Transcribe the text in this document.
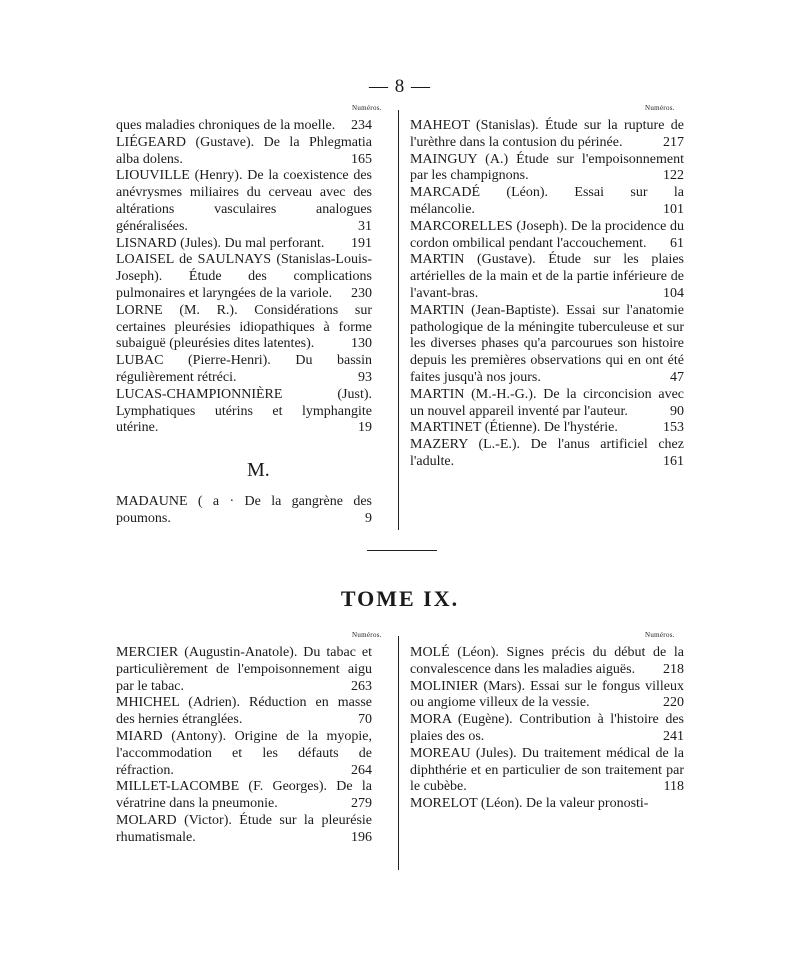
— 8 —
Numéros.	Numéros.
ques maladies chroniques de la moelle. 234
LIÉGEARD (Gustave). De la Phlegmatia alba dolens.	165
LIOUVILLE (Henry). De la coexistence des anévrysmes miliaires du cerveau avec des altérations vasculaires analogues généralisées.	31
LISNARD (Jules). Du mal perforant. 191
LOAISEL de SAULNAYS (Stanislas-Louis-Joseph). Étude des complications pulmonaires et laryngées de la variole. 230
LORNE (M. R.). Considérations sur certaines pleurésies idiopathiques à forme subaiguë (pleurésies dites latentes).	130
LUBAC (Pierre-Henri). Du bassin régulièrement rétréci.	93
LUCAS-CHAMPIONNIÈRE (Just). Lymphatiques utérins et lymphangite utérine.	19
M.
MADAUNE ( a · De la gangrène des poumons.	9
MAHEOT (Stanislas). Étude sur la rupture de l'urèthre dans la contusion du périnée.	217
MAINGUY (A.) Étude sur l'empoisonnement par les champignons.	122
MARCADÉ (Léon). Essai sur la mélancolie.	101
MARCORELLES (Joseph). De la procidence du cordon ombilical pendant l'accouchement. 61
MARTIN (Gustave). Étude sur les plaies artérielles de la main et de la partie inférieure de l'avant-bras.	104
MARTIN (Jean-Baptiste). Essai sur l'anatomie pathologique de la méningite tuberculeuse et sur les diverses phases qu'a parcourues son histoire depuis les premières observations qui en ont été faites jusqu'à nos jours.	47
MARTIN (M.-H.-G.). De la circoncision avec un nouvel appareil inventé par l'auteur.	90
MARTINET (Étienne). De l'hystérie.	153
MAZERY (L.-E.). De l'anus artificiel chez l'adulte.	161
TOME IX.
Numéros.	Numéros.
MERCIER (Augustin-Anatole). Du tabac et particulièrement de l'empoisonnement aigu par le tabac.	263
MHICHEL (Adrien). Réduction en masse des hernies étranglées.	70
MIARD (Antony). Origine de la myopie, l'accommodation et les défauts de réfraction.	264
MILLET-LACOMBE (F. Georges). De la vératrine dans la pneumonie.	279
MOLARD (Victor). Étude sur la pleurésie rhumatismale.	196
MOLÉ (Léon). Signes précis du début de la convalescence dans les maladies aiguës. 218
MOLINIER (Mars). Essai sur le fongus villeux ou angiome villeux de la vessie.	220
MORA (Eugène). Contribution à l'histoire des plaies des os.	241
MOREAU (Jules). Du traitement médical de la diphthérie et en particulier de son traitement par le cubèbe.	118
MORELOT (Léon). De la valeur pronosti-
